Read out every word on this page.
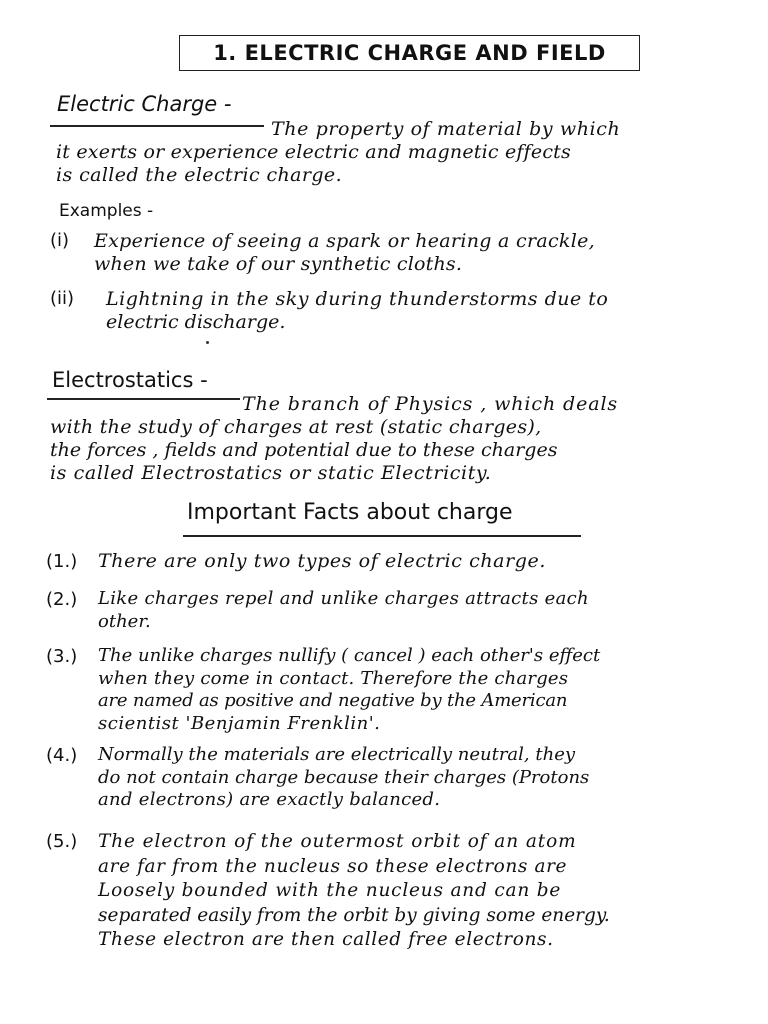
1. ELECTRIC CHARGE AND FIELD
Electric Charge -
The property of material by which
it exerts or experience electric and magnetic effects
is called the electric charge.
Examples -
(i)	Experience of seeing a spark or hearing a crackle,
when we take of our synthetic cloths.
(ii)	Lightning in the sky during thunderstorms due to
electric discharge.
Electrostatics -
The branch of Physics , which deals
with the study of charges at rest (static charges),
the forces , fields and potential due to these charges
is called Electrostatics or static Electricity.
Important Facts about charge
(1.)	There are only two types of electric charge.
(2.)	Like charges repel and unlike charges attracts each
other.
(3.)	The unlike charges nullify ( cancel ) each other's effect
when they come in contact. Therefore the charges
are named as positive and negative by the American
scientist 'Benjamin Frenklin'.
(4.)	Normally the materials are electrically neutral, they
do not contain charge because their charges (Protons
and electrons) are exactly balanced.
(5.)	The electron of the outermost orbit of an atom
are far from the nucleus so these electrons are
Loosely bounded with the nucleus and can be
separated easily from the orbit by giving some energy.
These electron are then called free electrons.
